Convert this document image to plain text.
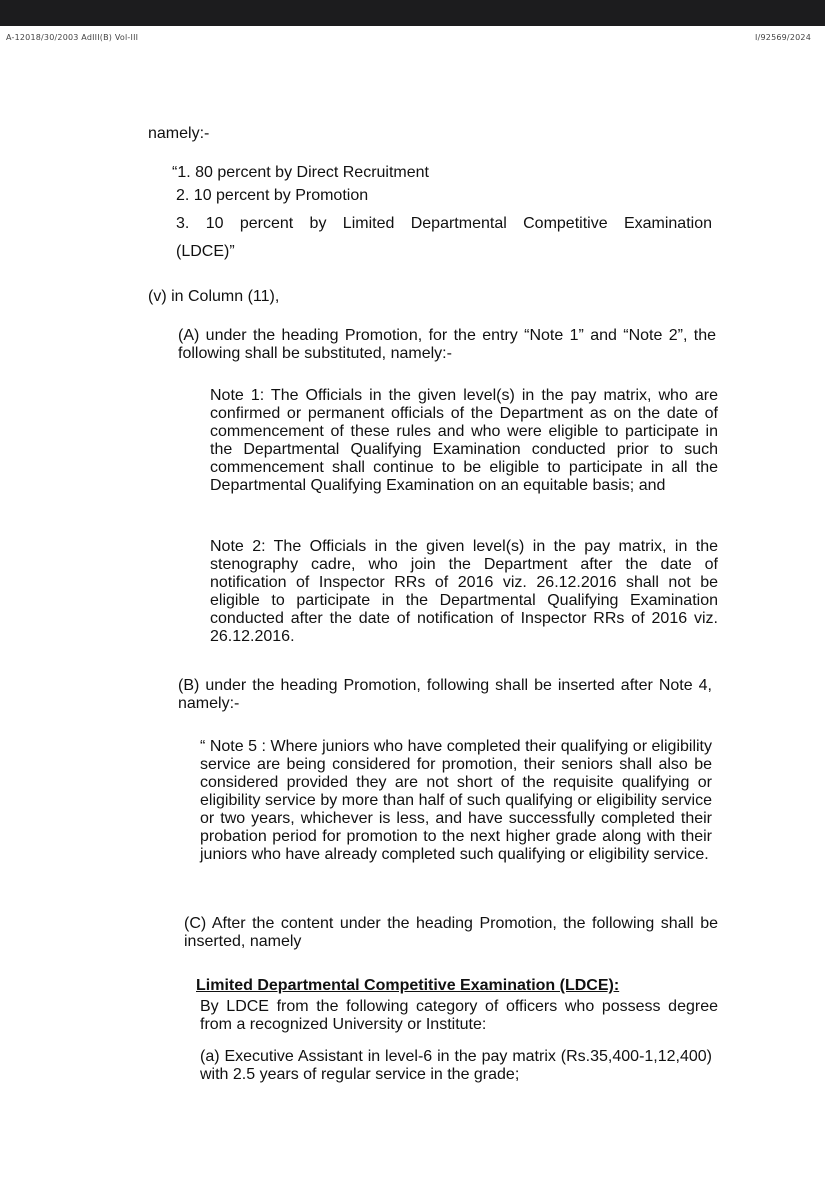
A-12018/30/2003 AdIII(B) Vol-III	I/92569/2024
namely:-
“1. 80 percent by Direct Recruitment
2. 10 percent by Promotion
3. 10 percent by Limited Departmental Competitive Examination
(LDCE)”
(v) in Column (11),
(A) under the heading Promotion, for the entry “Note 1” and “Note 2”, the following shall be substituted, namely:-
Note 1: The Officials in the given level(s) in the pay matrix, who are confirmed or permanent officials of the Department as on the date of commencement of these rules and who were eligible to participate in the Departmental Qualifying Examination conducted prior to such commencement shall continue to be eligible to participate in all the Departmental Qualifying Examination on an equitable basis; and
Note 2: The Officials in the given level(s) in the pay matrix, in the stenography cadre, who join the Department after the date of notification of Inspector RRs of 2016 viz. 26.12.2016 shall not be eligible to participate in the Departmental Qualifying Examination conducted after the date of notification of Inspector RRs of 2016 viz. 26.12.2016.
(B) under the heading Promotion, following shall be inserted after Note 4, namely:-
“ Note 5 : Where juniors who have completed their qualifying or eligibility service are being considered for promotion, their seniors shall also be considered provided they are not short of the requisite qualifying or eligibility service by more than half of such qualifying or eligibility service or two years, whichever is less, and have successfully completed their probation period for promotion to the next higher grade along with their juniors who have already completed such qualifying or eligibility service.
(C) After the content under the heading Promotion, the following shall be inserted, namely
Limited Departmental Competitive Examination (LDCE):
By LDCE from the following category of officers who possess degree from a recognized University or Institute:
(a) Executive Assistant in level-6 in the pay matrix (Rs.35,400-1,12,400) with 2.5 years of regular service in the grade;
